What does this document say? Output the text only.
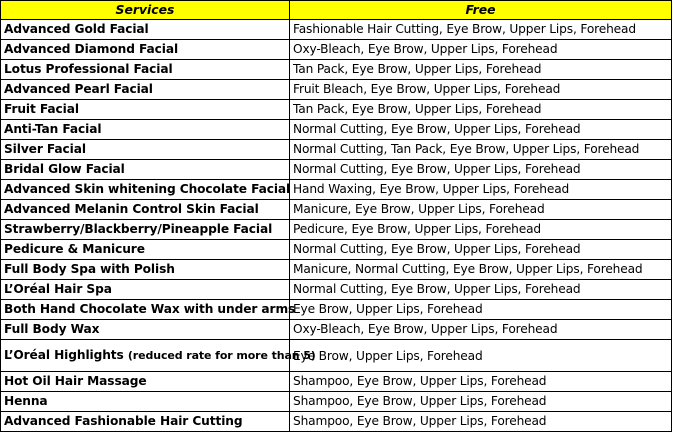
Services	Free
Advanced Gold Facial	Fashionable Hair Cutting, Eye Brow, Upper Lips, Forehead
Advanced Diamond Facial	Oxy-Bleach, Eye Brow, Upper Lips, Forehead
Lotus Professional Facial	Tan Pack, Eye Brow, Upper Lips, Forehead
Advanced Pearl Facial	Fruit Bleach, Eye Brow, Upper Lips, Forehead
Fruit Facial	Tan Pack, Eye Brow, Upper Lips, Forehead
Anti-Tan Facial	Normal Cutting, Eye Brow, Upper Lips, Forehead
Silver Facial	Normal Cutting, Tan Pack, Eye Brow, Upper Lips, Forehead
Bridal Glow Facial	Normal Cutting, Eye Brow, Upper Lips, Forehead
Advanced Skin whitening Chocolate Facial	Hand Waxing, Eye Brow, Upper Lips, Forehead
Advanced Melanin Control Skin Facial	Manicure, Eye Brow, Upper Lips, Forehead
Strawberry/Blackberry/Pineapple Facial	Pedicure, Eye Brow, Upper Lips, Forehead
Pedicure & Manicure	Normal Cutting, Eye Brow, Upper Lips, Forehead
Full Body Spa with Polish	Manicure, Normal Cutting, Eye Brow, Upper Lips, Forehead
L’Oréal Hair Spa	Normal Cutting, Eye Brow, Upper Lips, Forehead
Both Hand Chocolate Wax with under arms	Eye Brow, Upper Lips, Forehead
Full Body Wax	Oxy-Bleach, Eye Brow, Upper Lips, Forehead
L’Oréal Highlights (reduced rate for more than 5)	Eye Brow, Upper Lips, Forehead
Hot Oil Hair Massage	Shampoo, Eye Brow, Upper Lips, Forehead
Henna	Shampoo, Eye Brow, Upper Lips, Forehead
Advanced Fashionable Hair Cutting	Shampoo, Eye Brow, Upper Lips, Forehead
